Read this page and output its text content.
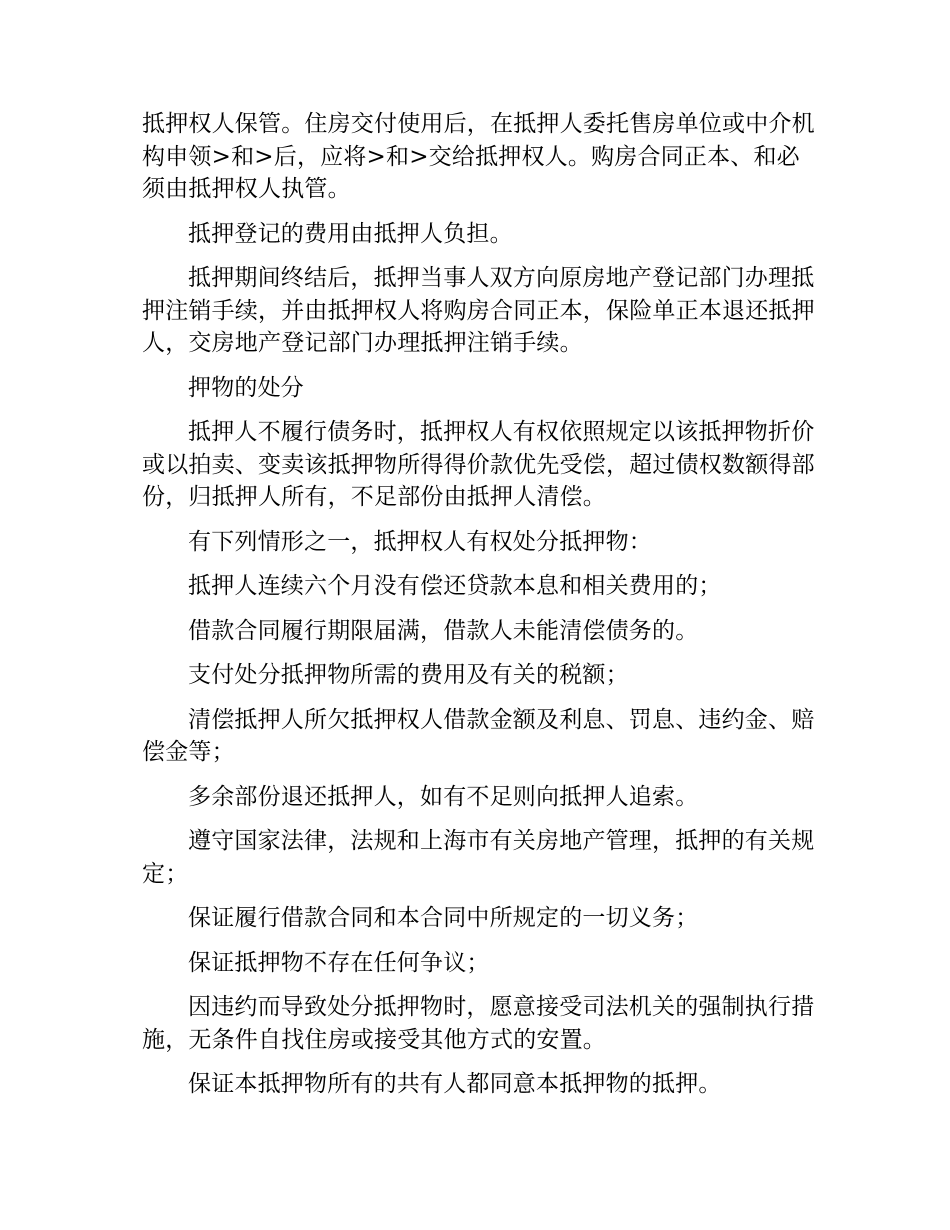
抵押权人保管。住房交付使用后，在抵押人委托售房单位或中介机构申领>和>后，应将>和>交给抵押权人。购房合同正本、和必须由抵押权人执管。

抵押登记的费用由抵押人负担。

抵押期间终结后，抵押当事人双方向原房地产登记部门办理抵押注销手续，并由抵押权人将购房合同正本，保险单正本退还抵押人，交房地产登记部门办理抵押注销手续。

押物的处分

抵押人不履行债务时，抵押权人有权依照规定以该抵押物折价或以拍卖、变卖该抵押物所得得价款优先受偿，超过债权数额得部份，归抵押人所有，不足部份由抵押人清偿。

有下列情形之一，抵押权人有权处分抵押物：

抵押人连续六个月没有偿还贷款本息和相关费用的；

借款合同履行期限届满，借款人未能清偿债务的。

支付处分抵押物所需的费用及有关的税额；

清偿抵押人所欠抵押权人借款金额及利息、罚息、违约金、赔偿金等；

多余部份退还抵押人，如有不足则向抵押人追索。

遵守国家法律，法规和上海市有关房地产管理，抵押的有关规定；

保证履行借款合同和本合同中所规定的一切义务；

保证抵押物不存在任何争议；

因违约而导致处分抵押物时，愿意接受司法机关的强制执行措施，无条件自找住房或接受其他方式的安置。

保证本抵押物所有的共有人都同意本抵押物的抵押。
